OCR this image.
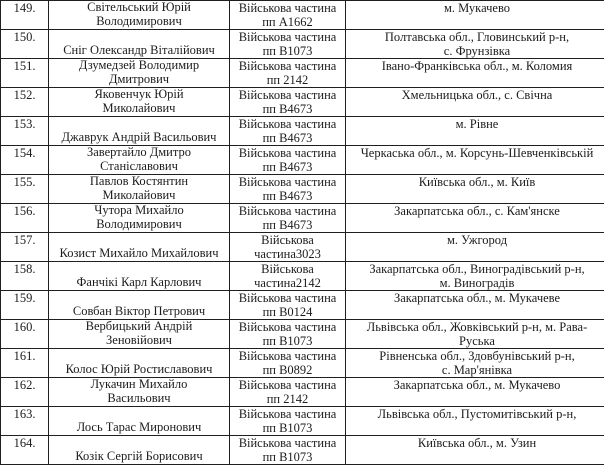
149.	Світельський Юрій
Володимирович	Військова частина
пп А1662	м. Мукачево
150.	Сніг Олександр Віталійович	Військова частина
пп В1073	Полтавська обл., Гловинський р-н,
с. Фрунзівка
151.	Дзумедзей Володимир
Дмитрович	Військова частина
пп 2142	Івано-Франківська обл., м. Коломия
152.	Яковенчук Юрій
Миколайович	Військова частина
пп В4673	Хмельницька обл., с. Свічна
153.	Джаврук Андрій Васильович	Військова частина
пп В4673	м. Рівне
154.	Завертайло Дмитро
Станіславович	Військова частина
пп В4673	Черкаська обл., м. Корсунь-Шевченківській
155.	Павлов Костянтин
Миколайович	Військова частина
пп В4673	Київська обл., м. Київ
156.	Чутора Михайло
Володимирович	Військова частина
пп В4673	Закарпатська обл., с. Кам'янске
157.	Козист Михайло Михайлович	Військова
частина3023	м. Ужгород
158.	Фанчікі Карл Карлович	Військова
частина2142	Закарпатська обл., Виноградівський р-н,
м. Виноградів
159.	Совбан Віктор Петрович	Військова частина
пп В0124	Закарпатська обл., м. Мукачеве
160.	Вербицький Андрій
Зеновійович	Військова частина
пп В1073	Львівська обл., Жовківський р-н, м. Рава-
Руська
161.	Колос Юрій Ростиславович	Військова частина
пп В0892	Рівненська обл., Здовбунівський р-н,
с. Мар'янівка
162.	Лукачин Михайло
Васильович	Військова частина
пп 2142	Закарпатська обл., м. Мукачево
163.	Лось Тарас Миронович	Військова частина
пп В1073	Львівська обл., Пустомитівський р-н,
164.	Козік Сергій Борисович	Військова частина
пп В1073	Київська обл., м. Узин
